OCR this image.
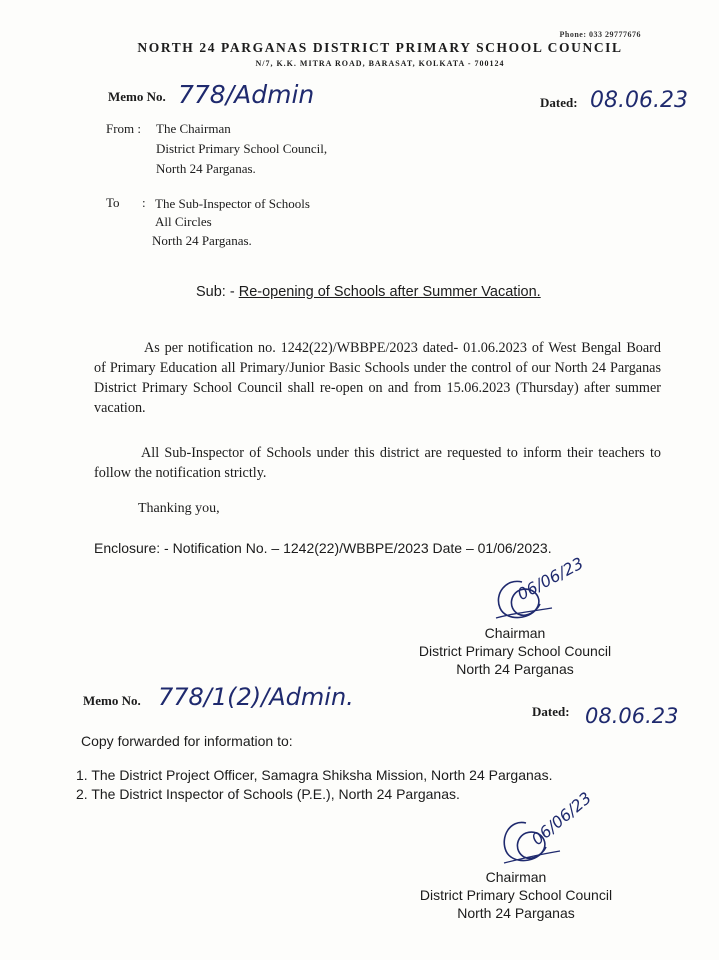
Phone: 033 29777676
NORTH 24 PARGANAS DISTRICT PRIMARY SCHOOL COUNCIL
N/7, K.K. MITRA ROAD, BARASAT, KOLKATA - 700124
Memo No. 778/Admin	Dated: 08.06.23
From : The Chairman
District Primary School Council,
North 24 Parganas.
To : The Sub-Inspector of Schools
All Circles
North 24 Parganas.
Sub: - Re-opening of Schools after Summer Vacation.
As per notification no. 1242(22)/WBBPE/2023 dated- 01.06.2023 of West Bengal Board of Primary Education all Primary/Junior Basic Schools under the control of our North 24 Parganas District Primary School Council shall re-open on and from 15.06.2023 (Thursday) after summer vacation.
All Sub-Inspector of Schools under this district are requested to inform their teachers to follow the notification strictly.
Thanking you,
Enclosure: - Notification No. – 1242(22)/WBBPE/2023 Date – 01/06/2023.
06/06/23
Chairman
District Primary School Council
North 24 Parganas
Memo No. 778/1(2)/Admin.
Dated: 08.06.23
Copy forwarded for information to:
1. The District Project Officer, Samagra Shiksha Mission, North 24 Parganas.
2. The District Inspector of Schools (P.E.), North 24 Parganas.	06/06/23
Chairman
District Primary School Council
North 24 Parganas
